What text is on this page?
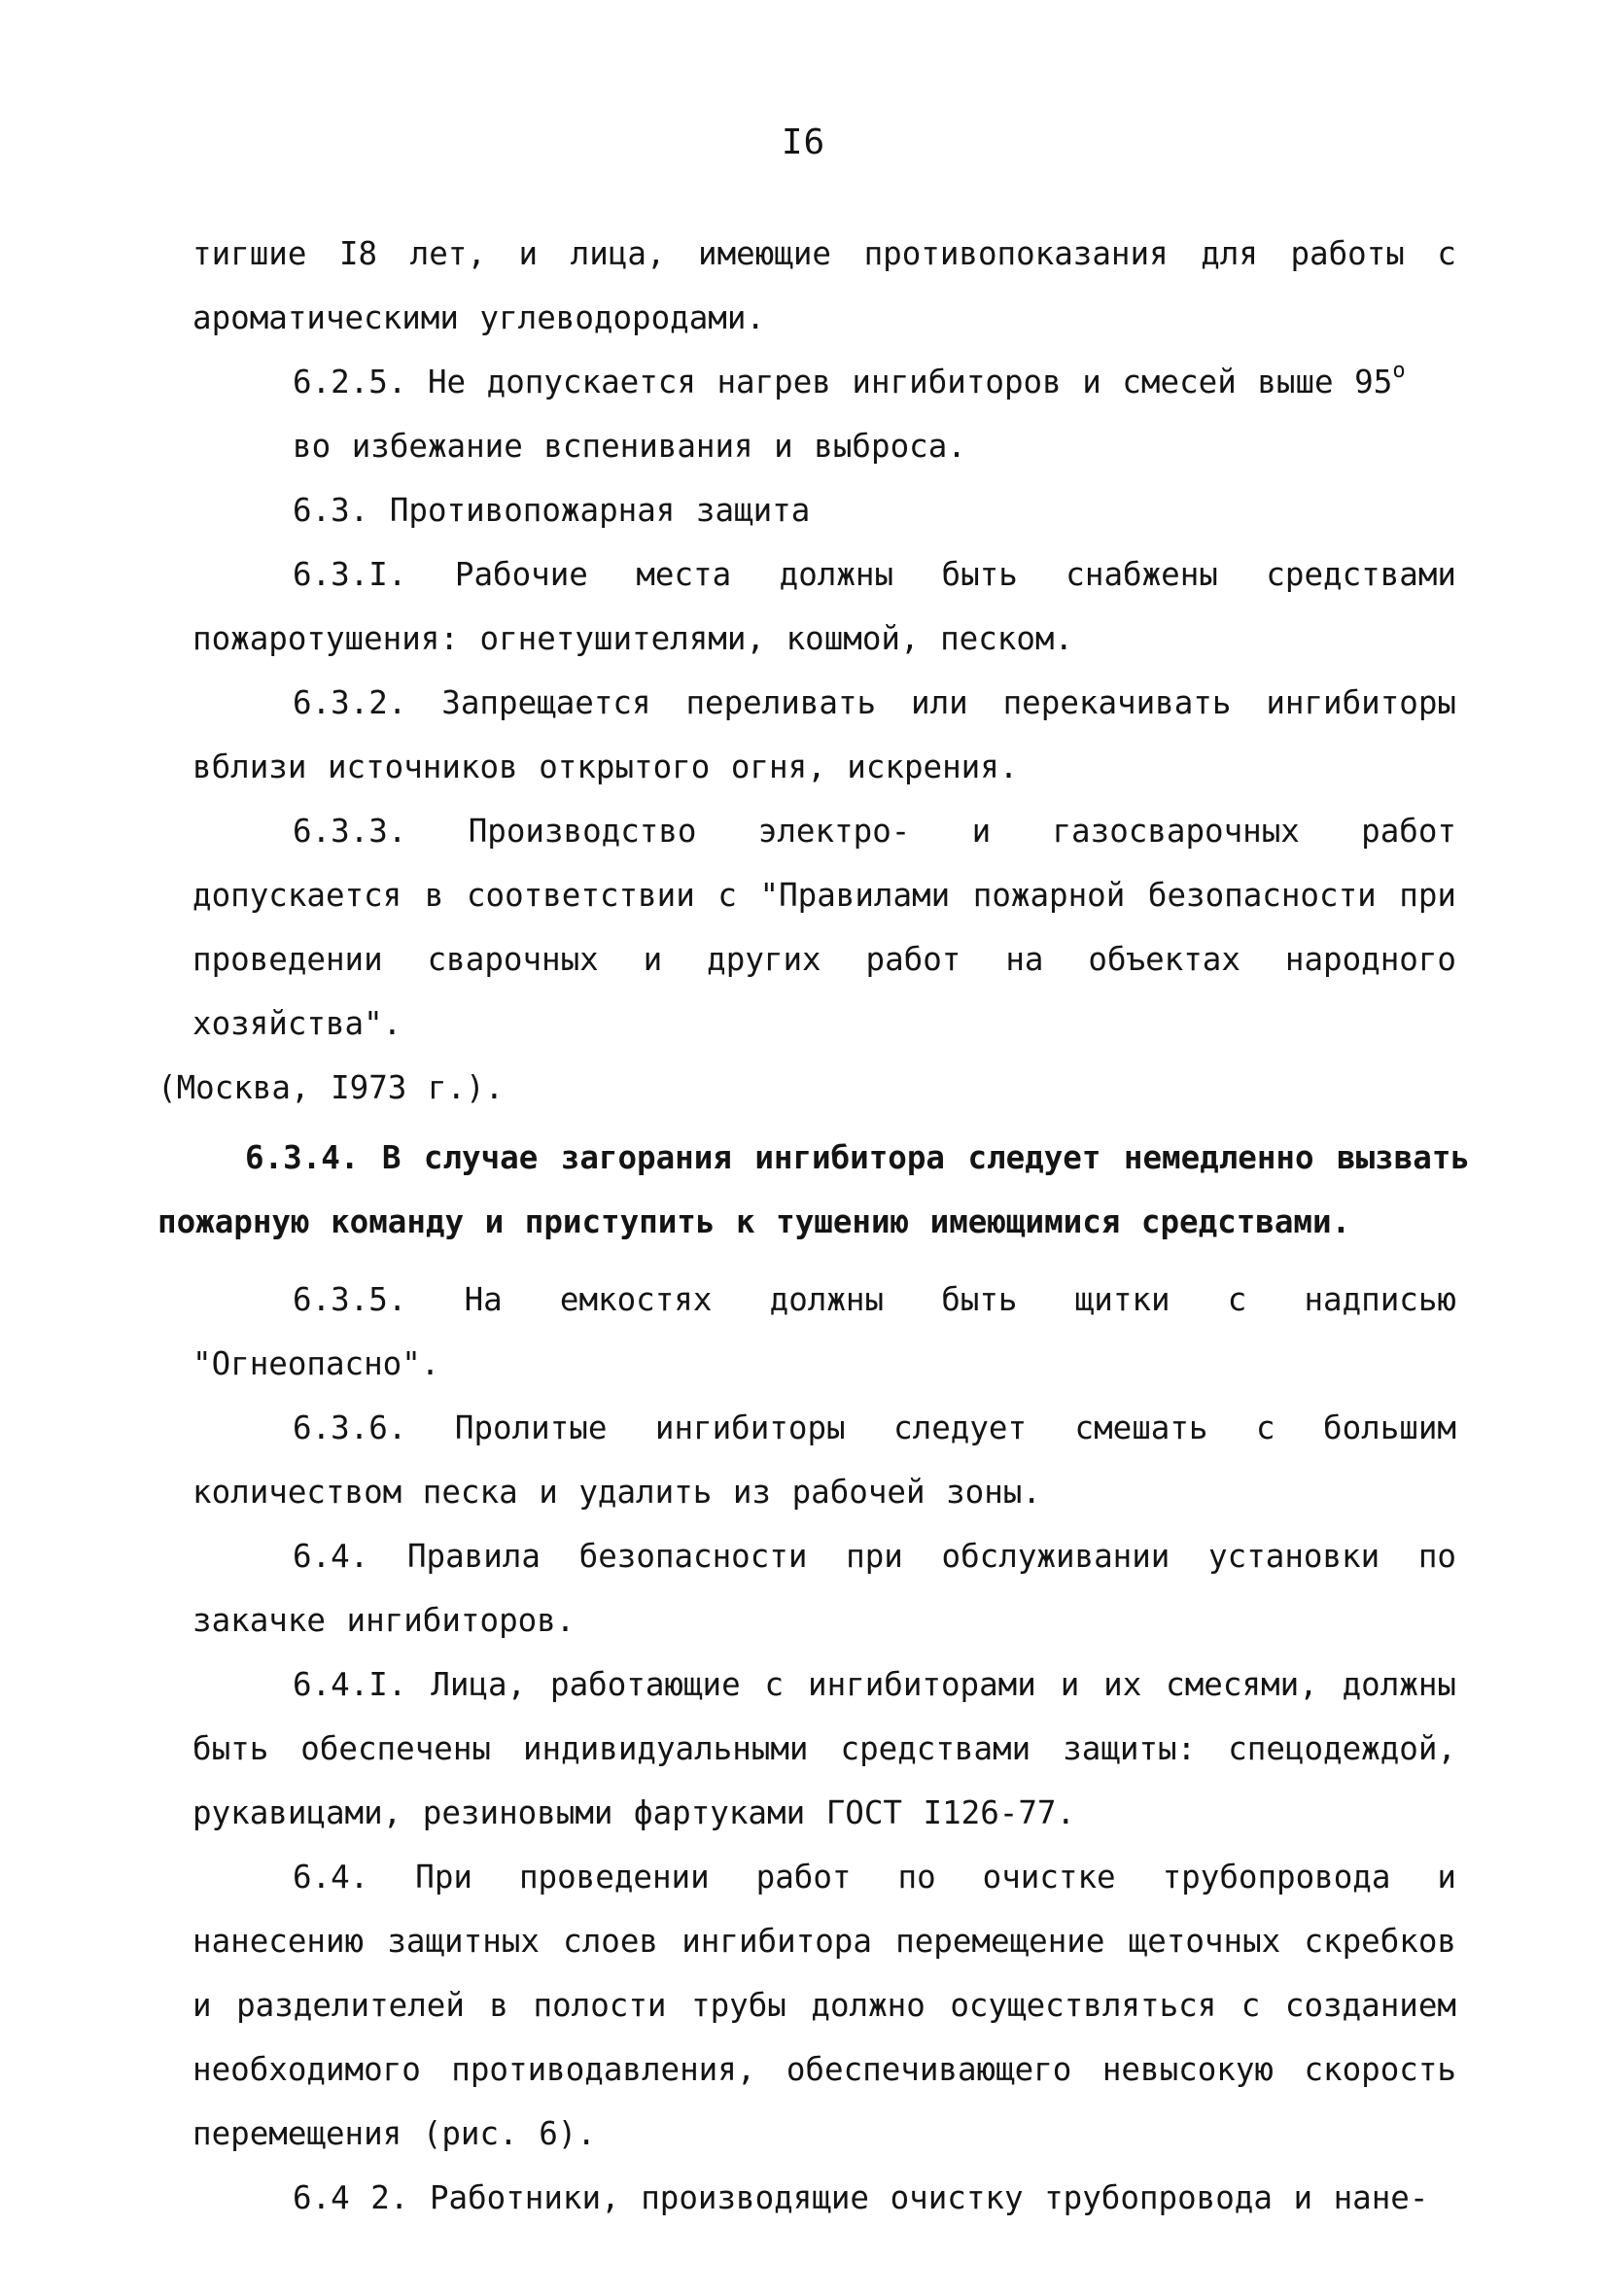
I6

тигшие I8 лет, и лица, имеющие противопоказания для работы с ароматическими углеводородами.

6.2.5. Не допускается нагрев ингибиторов и смесей выше $95^о$
во избежание вспенивания и выброса.

6.3. Противопожарная защита

6.3.I. Рабочие места должны быть снабжены средствами пожаротушения: огнетушителями, кошмой, песком.

6.3.2. Запрещается переливать или перекачивать ингибиторы вблизи источников открытого огня, искрения.

6.3.3. Производство электро- и газосварочных работ допускается в соответствии с "Правилами пожарной безопасности при проведении сварочных и других работ на объектах народного хозяйства".

(Москва, I973 г.).

6.3.4. В случае загорания ингибитора следует немедленно вызвать пожарную команду и приступить к тушению имеющимися средствами.

6.3.5. На емкостях должны быть щитки с надписью "Огнеопасно".

6.3.6. Пролитые ингибиторы следует смешать с большим количеством песка и удалить из рабочей зоны.

6.4. Правила безопасности при обслуживании установки по закачке ингибиторов.

6.4.I. Лица, работающие с ингибиторами и их смесями, должны быть обеспечены индивидуальными средствами защиты: спецодеждой, рукавицами, резиновыми фартуками ГОСТ I126-77.

6.4. При проведении работ по очистке трубопровода и нанесению защитных слоев ингибитора перемещение щеточных скребков и разделителей в полости трубы должно осуществляться с созданием необходимого противодавления, обеспечивающего невысокую скорость перемещения (рис. 6).

6.4 2. Работники, производящие очистку трубопровода и нане-
